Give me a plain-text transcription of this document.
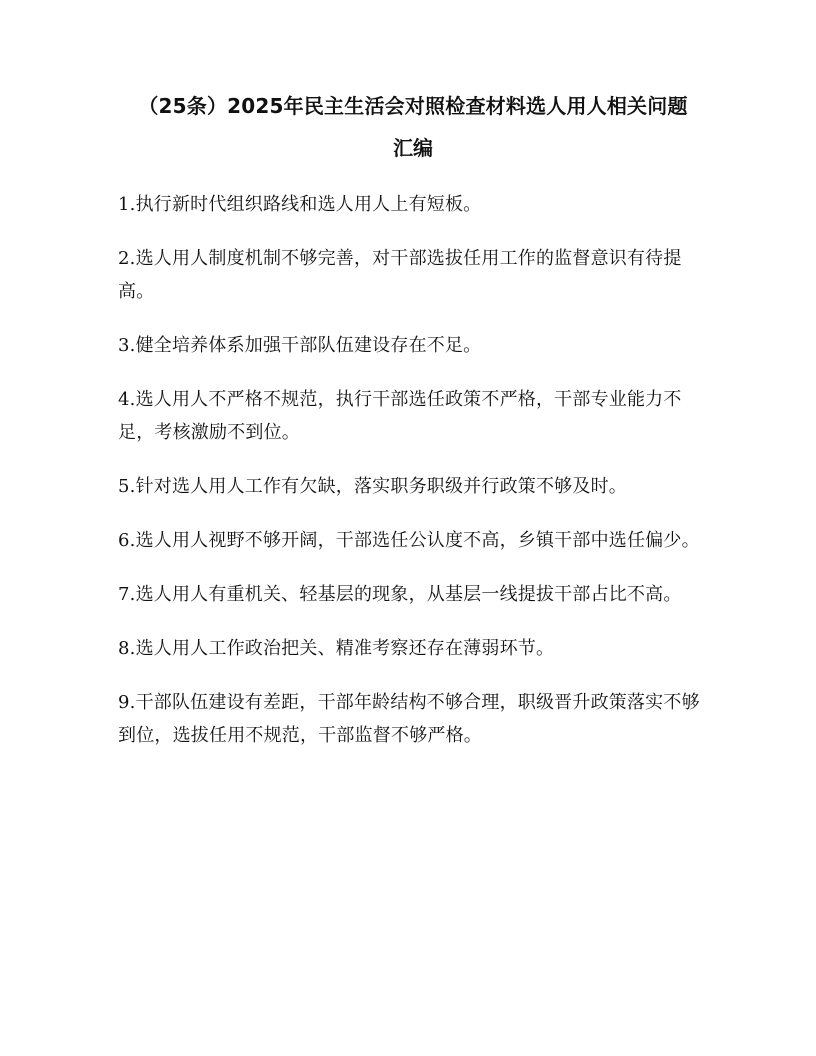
（25条）2025年民主生活会对照检查材料选人用人相关问题
汇编
1.执行新时代组织路线和选人用人上有短板。
2.选人用人制度机制不够完善，对干部选拔任用工作的监督意识有待提高。
3.健全培养体系加强干部队伍建设存在不足。
4.选人用人不严格不规范，执行干部选任政策不严格，干部专业能力不足，考核激励不到位。
5.针对选人用人工作有欠缺，落实职务职级并行政策不够及时。
6.选人用人视野不够开阔，干部选任公认度不高，乡镇干部中选任偏少。
7.选人用人有重机关、轻基层的现象，从基层一线提拔干部占比不高。
8.选人用人工作政治把关、精准考察还存在薄弱环节。
9.干部队伍建设有差距，干部年龄结构不够合理，职级晋升政策落实不够到位，选拔任用不规范，干部监督不够严格。
